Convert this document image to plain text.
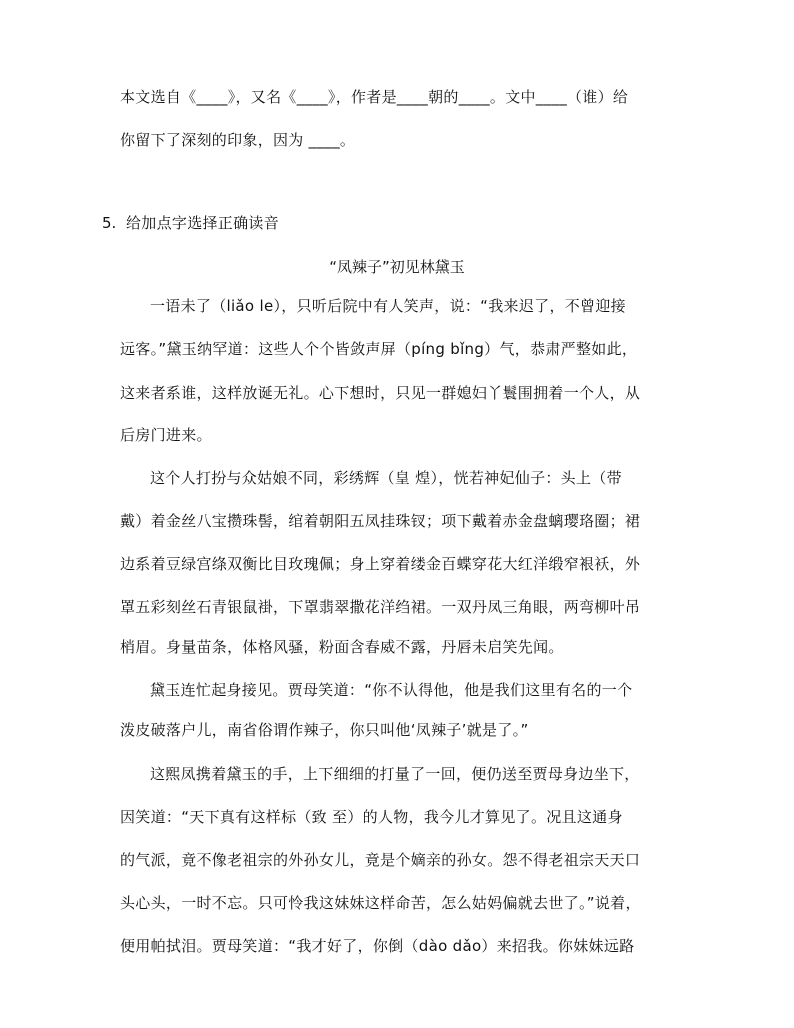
本文选自《____》，又名《____》，作者是____朝的____。文中____（谁）给
你留下了深刻的印象，因为 ____。
5. 给加点字选择正确读音
“凤辣子”初见林黛玉
一语未了（liǎo le），只听后院中有人笑声，说：“我来迟了，不曾迎接
远客。”黛玉纳罕道：这些人个个皆敛声屏（píng bǐng）气，恭肃严整如此，
这来者系谁，这样放诞无礼。心下想时，只见一群媳妇丫鬟围拥着一个人，从
后房门进来。
这个人打扮与众姑娘不同，彩绣辉（皇 煌），恍若神妃仙子：头上（带
戴）着金丝八宝攒珠髻，绾着朝阳五凤挂珠钗；项下戴着赤金盘螭璎珞圈；裙
边系着豆绿宫绦双衡比目玫瑰佩；身上穿着缕金百蝶穿花大红洋缎窄裉袄，外
罩五彩刻丝石青银鼠褂，下罩翡翠撒花洋绉裙。一双丹凤三角眼，两弯柳叶吊
梢眉。身量苗条，体格风骚，粉面含春威不露，丹唇未启笑先闻。
黛玉连忙起身接见。贾母笑道：“你不认得他，他是我们这里有名的一个
泼皮破落户儿，南省俗谓作辣子，你只叫他‘凤辣子’就是了。”
这熙凤携着黛玉的手，上下细细的打量了一回，便仍送至贾母身边坐下，
因笑道：“天下真有这样标（致 至）的人物，我今儿才算见了。况且这通身
的气派，竟不像老祖宗的外孙女儿，竟是个嫡亲的孙女。怨不得老祖宗天天口
头心头，一时不忘。只可怜我这妹妹这样命苦，怎么姑妈偏就去世了。”说着，
便用帕拭泪。贾母笑道：“我才好了，你倒（dào dǎo）来招我。你妹妹远路
